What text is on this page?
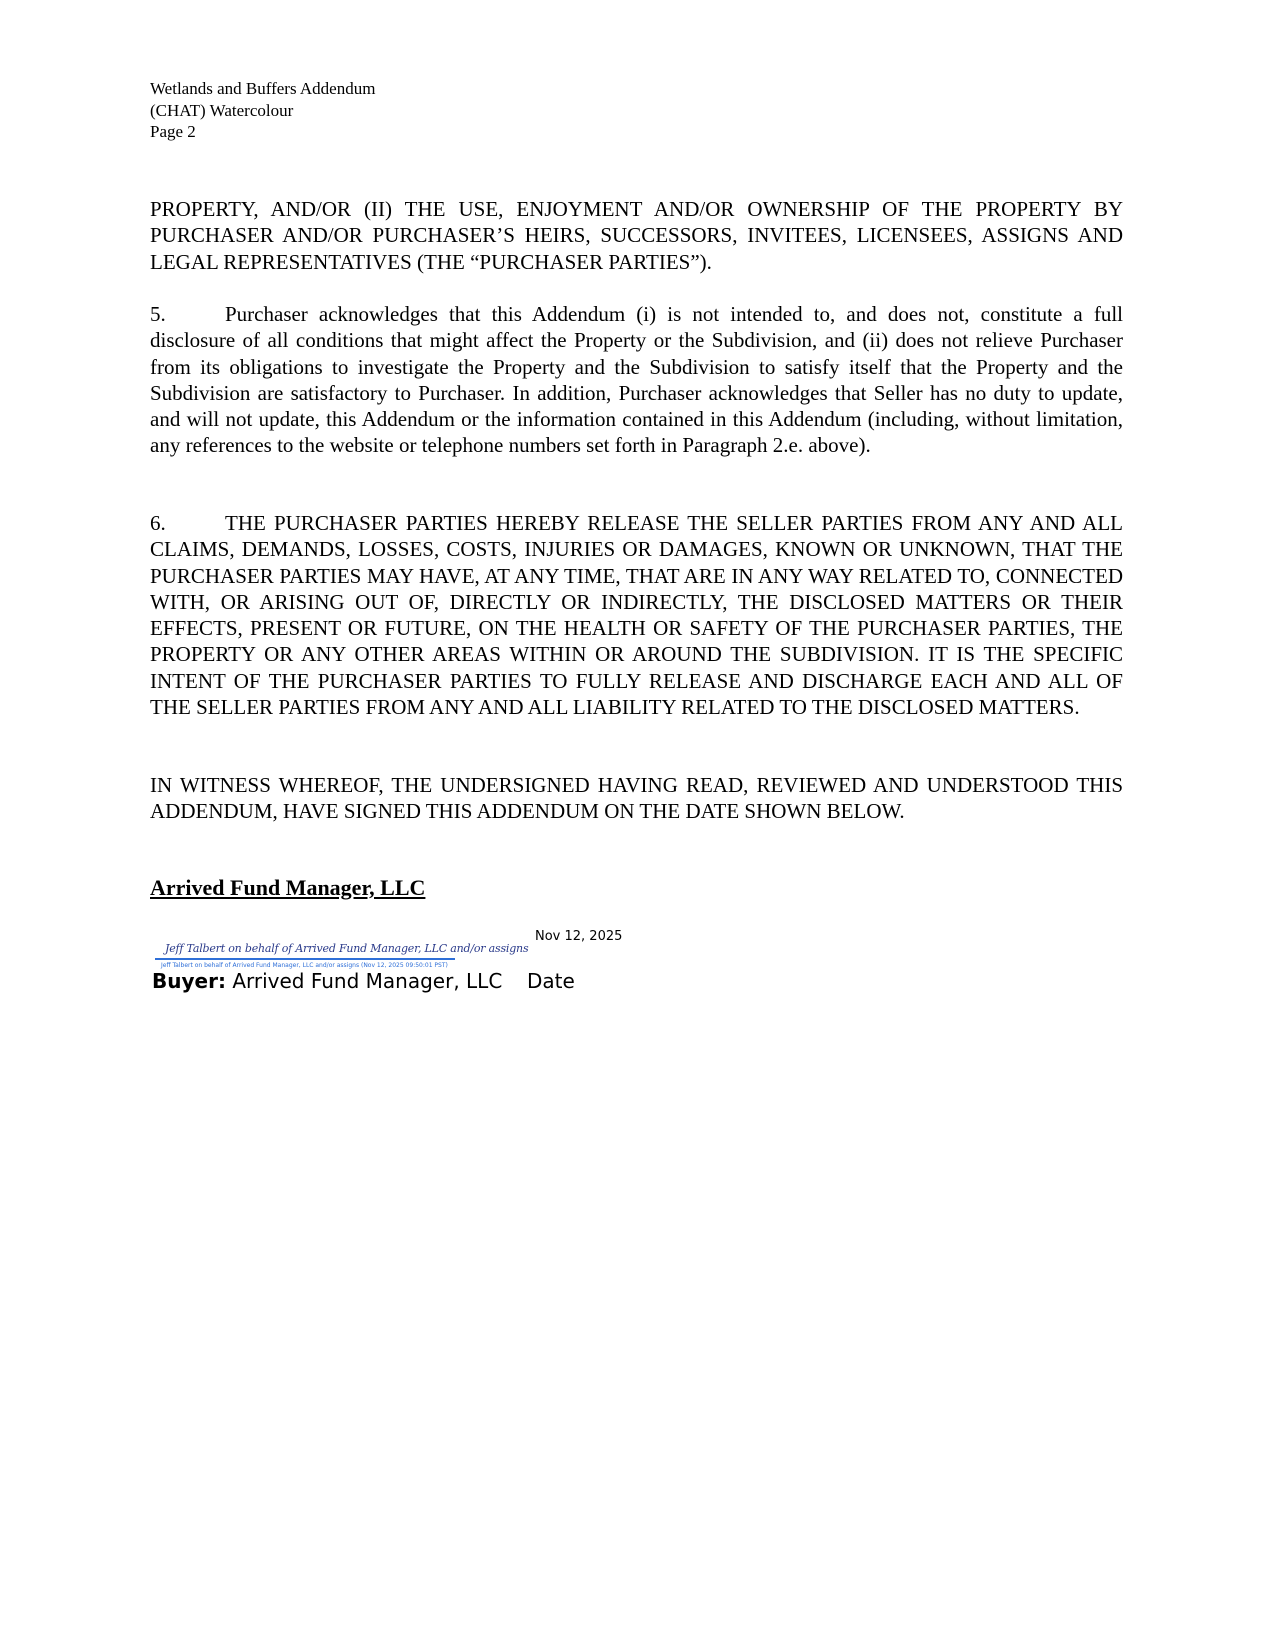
Wetlands and Buffers Addendum
(CHAT) Watercolour
Page 2
PROPERTY, AND/OR (II) THE USE, ENJOYMENT AND/OR OWNERSHIP OF THE PROPERTY BY PURCHASER AND/OR PURCHASER’S HEIRS, SUCCESSORS, INVITEES, LICENSEES, ASSIGNS AND LEGAL REPRESENTATIVES (THE “PURCHASER PARTIES”).
5.	Purchaser acknowledges that this Addendum (i) is not intended to, and does not, constitute a full disclosure of all conditions that might affect the Property or the Subdivision, and (ii) does not relieve Purchaser from its obligations to investigate the Property and the Subdivision to satisfy itself that the Property and the Subdivision are satisfactory to Purchaser. In addition, Purchaser acknowledges that Seller has no duty to update, and will not update, this Addendum or the information contained in this Addendum (including, without limitation, any references to the website or telephone numbers set forth in Paragraph 2.e. above).
6.	THE PURCHASER PARTIES HEREBY RELEASE THE SELLER PARTIES FROM ANY AND ALL CLAIMS, DEMANDS, LOSSES, COSTS, INJURIES OR DAMAGES, KNOWN OR UNKNOWN, THAT THE PURCHASER PARTIES MAY HAVE, AT ANY TIME, THAT ARE IN ANY WAY RELATED TO, CONNECTED WITH, OR ARISING OUT OF, DIRECTLY OR INDIRECTLY, THE DISCLOSED MATTERS OR THEIR EFFECTS, PRESENT OR FUTURE, ON THE HEALTH OR SAFETY OF THE PURCHASER PARTIES, THE PROPERTY OR ANY OTHER AREAS WITHIN OR AROUND THE SUBDIVISION. IT IS THE SPECIFIC INTENT OF THE PURCHASER PARTIES TO FULLY RELEASE AND DISCHARGE EACH AND ALL OF THE SELLER PARTIES FROM ANY AND ALL LIABILITY RELATED TO THE DISCLOSED MATTERS.
IN WITNESS WHEREOF, THE UNDERSIGNED HAVING READ, REVIEWED AND UNDERSTOOD THIS ADDENDUM, HAVE SIGNED THIS ADDENDUM ON THE DATE SHOWN BELOW.
Arrived Fund Manager, LLC
Nov 12, 2025
Jeff Talbert on behalf of Arrived Fund Manager, LLC and/or assigns
Jeff Talbert on behalf of Arrived Fund Manager, LLC and/or assigns (Nov 12, 2025 09:50:01 PST)
Buyer: Arrived Fund Manager, LLC Date
